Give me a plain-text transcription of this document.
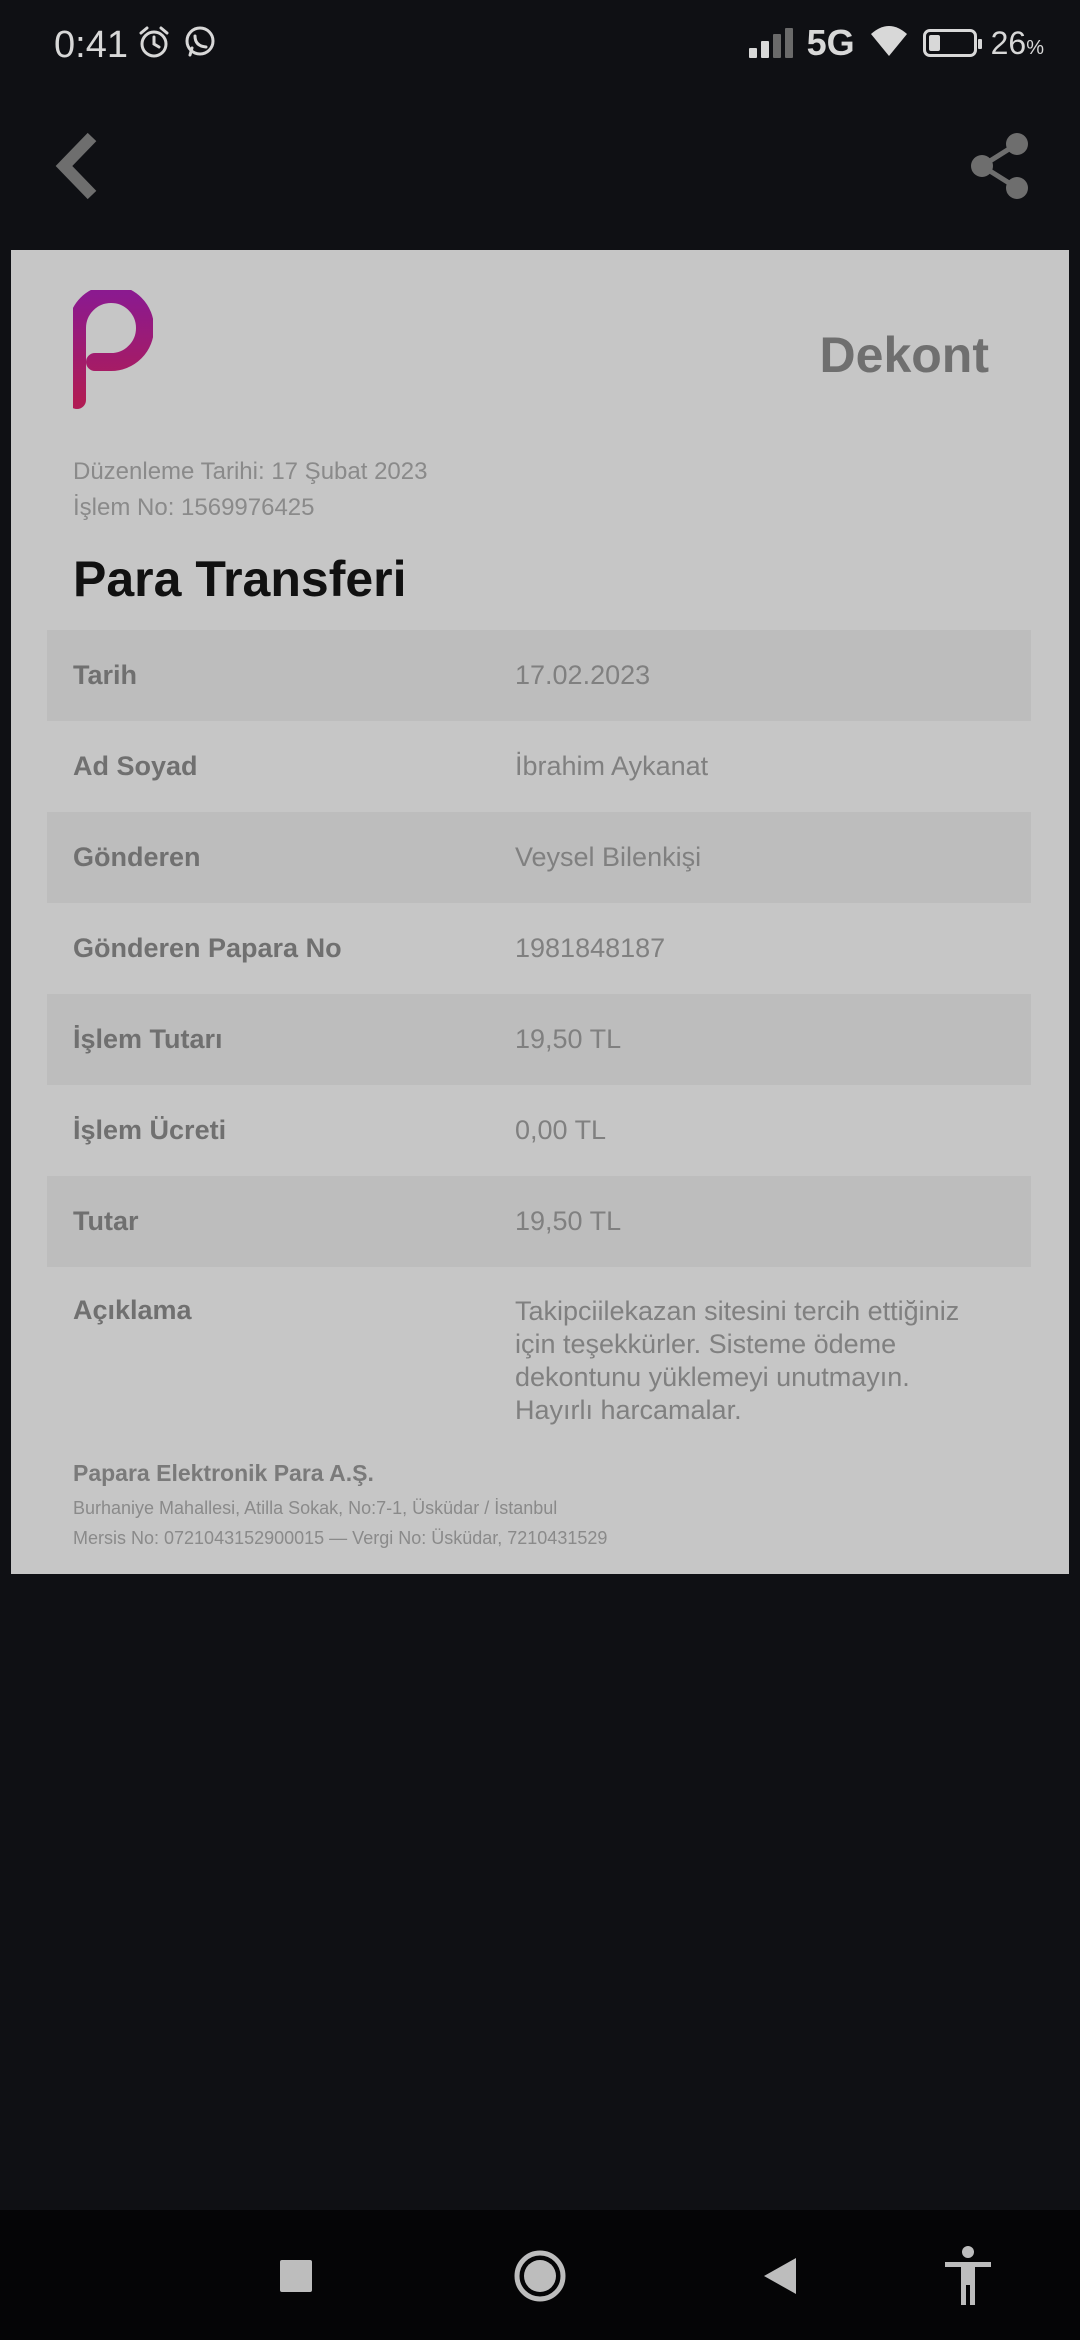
0:41	5G	26%
Dekont
Düzenleme Tarihi: 17 Şubat 2023
İşlem No: 1569976425
Para Transferi
Tarih	17.02.2023
Ad Soyad	İbrahim Aykanat
Gönderen	Veysel Bilenkişi
Gönderen Papara No	1981848187
İşlem Tutarı	19,50 TL
İşlem Ücreti	0,00 TL
Tutar	19,50 TL
Açıklama	Takipciilekazan sitesini tercih ettiğiniz için teşekkürler. Sisteme ödeme dekontunu yüklemeyi unutmayın. Hayırlı harcamalar.
Papara Elektronik Para A.Ş.
Burhaniye Mahallesi, Atilla Sokak, No:7-1, Üsküdar / İstanbul
Mersis No: 0721043152900015 — Vergi No: Üsküdar, 7210431529
